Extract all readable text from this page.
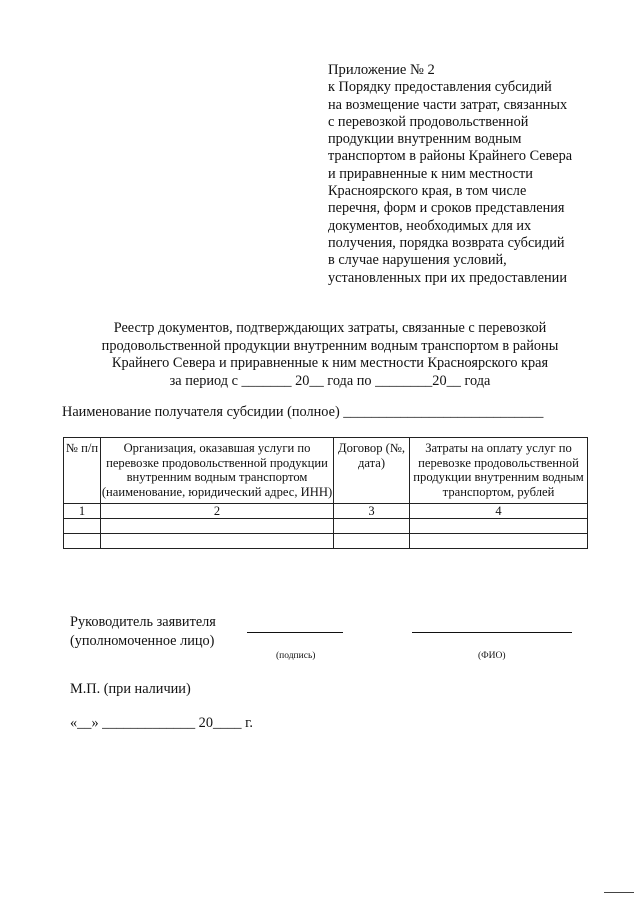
Приложение № 2
к Порядку предоставления субсидий
на возмещение части затрат, связанных
с перевозкой продовольственной
продукции внутренним водным
транспортом в районы Крайнего Севера
и приравненные к ним местности
Красноярского края, в том числе
перечня, форм и сроков представления
документов, необходимых для их
получения, порядка возврата субсидий
в случае нарушения условий,
установленных при их предоставлении
Реестр документов, подтверждающих затраты, связанные с перевозкой
продовольственной продукции внутренним водным транспортом в районы
Крайнего Севера и приравненные к ним местности Красноярского края
за период с _______ 20__ года по ________20__ года
Наименование получателя субсидии (полное) ____________________________
№ п/п	Организация, оказавшая услуги по перевозке продовольственной продукции внутренним водным транспортом (наименование, юридический адрес, ИНН)	Договор (№, дата)	Затраты на оплату услуг по перевозке продовольственной продукции внутренним водным транспортом, рублей
1	2	3	4

Руководитель заявителя
(уполномоченное лицо)
(подпись)	(ФИО)
М.П. (при наличии)
«__» _____________ 20____ г.
